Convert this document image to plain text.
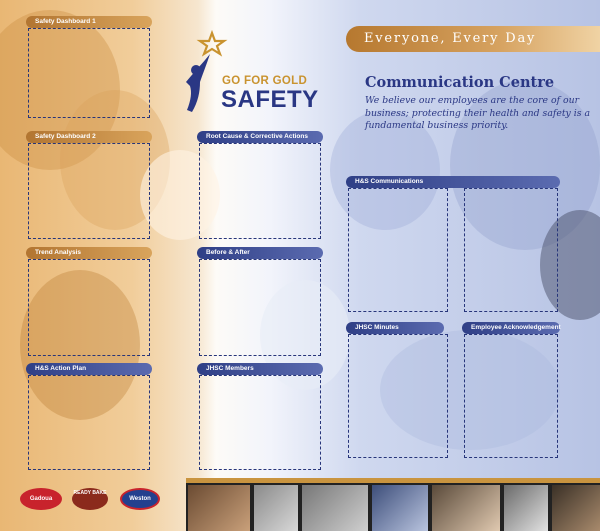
Everyone, Every Day
GO FOR GOLD
SAFETY
Communication Centre
We believe our employees are the core of our business; protecting their health and safety is a fundamental business priority.
Safety Dashboard 1
Safety Dashboard 2
Trend Analysis
H&S Action Plan
Root Cause & Corrective Actions
Before & After
JHSC Members
H&S Communications
JHSC Minutes	Employee Acknowledgement
Gadoua
READY BAKE
Weston
